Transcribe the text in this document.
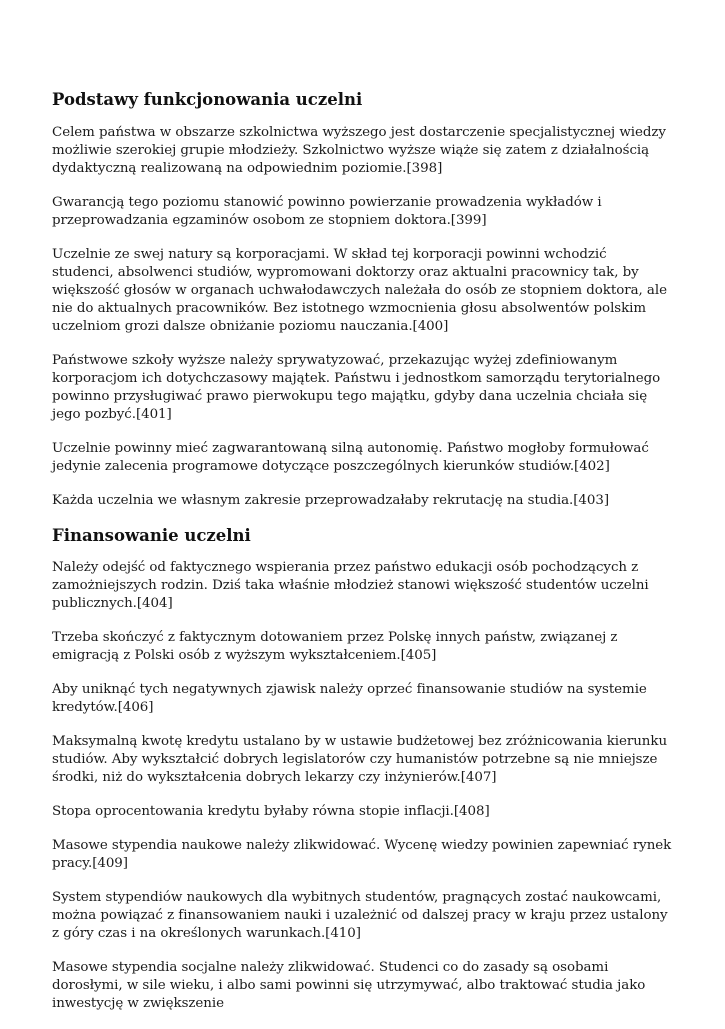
Podstawy funkcjonowania uczelni

Celem państwa w obszarze szkolnictwa wyższego jest dostarczenie specjalistycznej wiedzy możliwie szerokiej grupie młodzieży. Szkolnictwo wyższe wiąże się zatem z działalnością dydaktyczną realizowaną na odpowiednim poziomie.[398]

Gwarancją tego poziomu stanowić powinno powierzanie prowadzenia wykładów i przeprowadzania egzaminów osobom ze stopniem doktora.[399]

Uczelnie ze swej natury są korporacjami. W skład tej korporacji powinni wchodzić studenci, absolwenci studiów, wypromowani doktorzy oraz aktualni pracownicy tak, by większość głosów w organach uchwałodawczych należała do osób ze stopniem doktora, ale nie do aktualnych pracowników. Bez istotnego wzmocnienia głosu absolwentów polskim uczelniom grozi dalsze obniżanie poziomu nauczania.[400]

Państwowe szkoły wyższe należy sprywatyzować, przekazując wyżej zdefiniowanym korporacjom ich dotychczasowy majątek. Państwu i jednostkom samorządu terytorialnego powinno przysługiwać prawo pierwokupu tego majątku, gdyby dana uczelnia chciała się jego pozbyć.[401]

Uczelnie powinny mieć zagwarantowaną silną autonomię. Państwo mogłoby formułować jedynie zalecenia programowe dotyczące poszczególnych kierunków studiów.[402]

Każda uczelnia we własnym zakresie przeprowadzałaby rekrutację na studia.[403]

Finansowanie uczelni

Należy odejść od faktycznego wspierania przez państwo edukacji osób pochodzących z zamożniejszych rodzin. Dziś taka właśnie młodzież stanowi większość studentów uczelni publicznych.[404]

Trzeba skończyć z faktycznym dotowaniem przez Polskę innych państw, związanej z emigracją z Polski osób z wyższym wykształceniem.[405]

Aby uniknąć tych negatywnych zjawisk należy oprzeć finansowanie studiów na systemie kredytów.[406]

Maksymalną kwotę kredytu ustalano by w ustawie budżetowej bez zróżnicowania kierunku studiów. Aby wykształcić dobrych legislatorów czy humanistów potrzebne są nie mniejsze środki, niż do wykształcenia dobrych lekarzy czy inżynierów.[407]

Stopa oprocentowania kredytu byłaby równa stopie inflacji.[408]

Masowe stypendia naukowe należy zlikwidować. Wycenę wiedzy powinien zapewniać rynek pracy.[409]

System stypendiów naukowych dla wybitnych studentów, pragnących zostać naukowcami, można powiązać z finansowaniem nauki i uzależnić od dalszej pracy w kraju przez ustalony z góry czas i na określonych warunkach.[410]

Masowe stypendia socjalne należy zlikwidować. Studenci co do zasady są osobami dorosłymi, w sile wieku, i albo sami powinni się utrzymywać, albo traktować studia jako inwestycję w zwiększenie
